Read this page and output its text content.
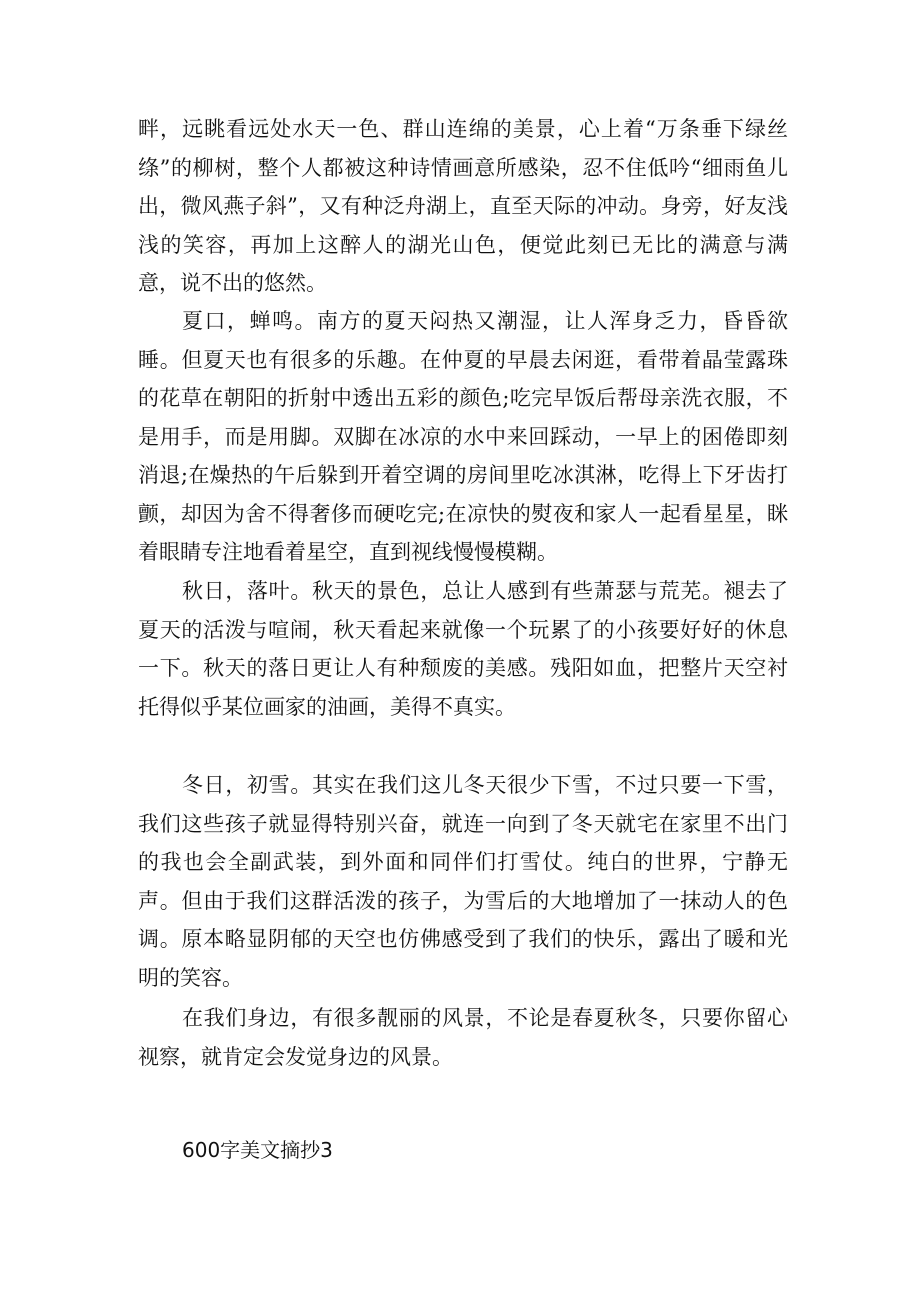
畔，远眺看远处水天一色、群山连绵的美景，心上着“万条垂下绿丝绦”的柳树，整个人都被这种诗情画意所感染，忍不住低吟“细雨鱼儿出，微风燕子斜”，又有种泛舟湖上，直至天际的冲动。身旁，好友浅浅的笑容，再加上这醉人的湖光山色，便觉此刻已无比的满意与满意，说不出的悠然。

夏口，蝉鸣。南方的夏天闷热又潮湿，让人浑身乏力，昏昏欲睡。但夏天也有很多的乐趣。在仲夏的早晨去闲逛，看带着晶莹露珠的花草在朝阳的折射中透出五彩的颜色;吃完早饭后帮母亲洗衣服，不是用手，而是用脚。双脚在冰凉的水中来回踩动，一早上的困倦即刻消退;在燥热的午后躲到开着空调的房间里吃冰淇淋，吃得上下牙齿打颤，却因为舍不得奢侈而硬吃完;在凉快的熨夜和家人一起看星星，眯着眼睛专注地看着星空，直到视线慢慢模糊。

秋日，落叶。秋天的景色，总让人感到有些萧瑟与荒芜。褪去了夏天的活泼与喧闹，秋天看起来就像一个玩累了的小孩要好好的休息一下。秋天的落日更让人有种颓废的美感。残阳如血，把整片天空衬托得似乎某位画家的油画，美得不真实。

冬日，初雪。其实在我们这儿冬天很少下雪，不过只要一下雪，我们这些孩子就显得特别兴奋，就连一向到了冬天就宅在家里不出门的我也会全副武装，到外面和同伴们打雪仗。纯白的世界，宁静无声。但由于我们这群活泼的孩子，为雪后的大地增加了一抹动人的色调。原本略显阴郁的天空也仿佛感受到了我们的快乐，露出了暖和光明的笑容。

在我们身边，有很多靓丽的风景，不论是春夏秋冬，只要你留心视察，就肯定会发觉身边的风景。

600字美文摘抄3
